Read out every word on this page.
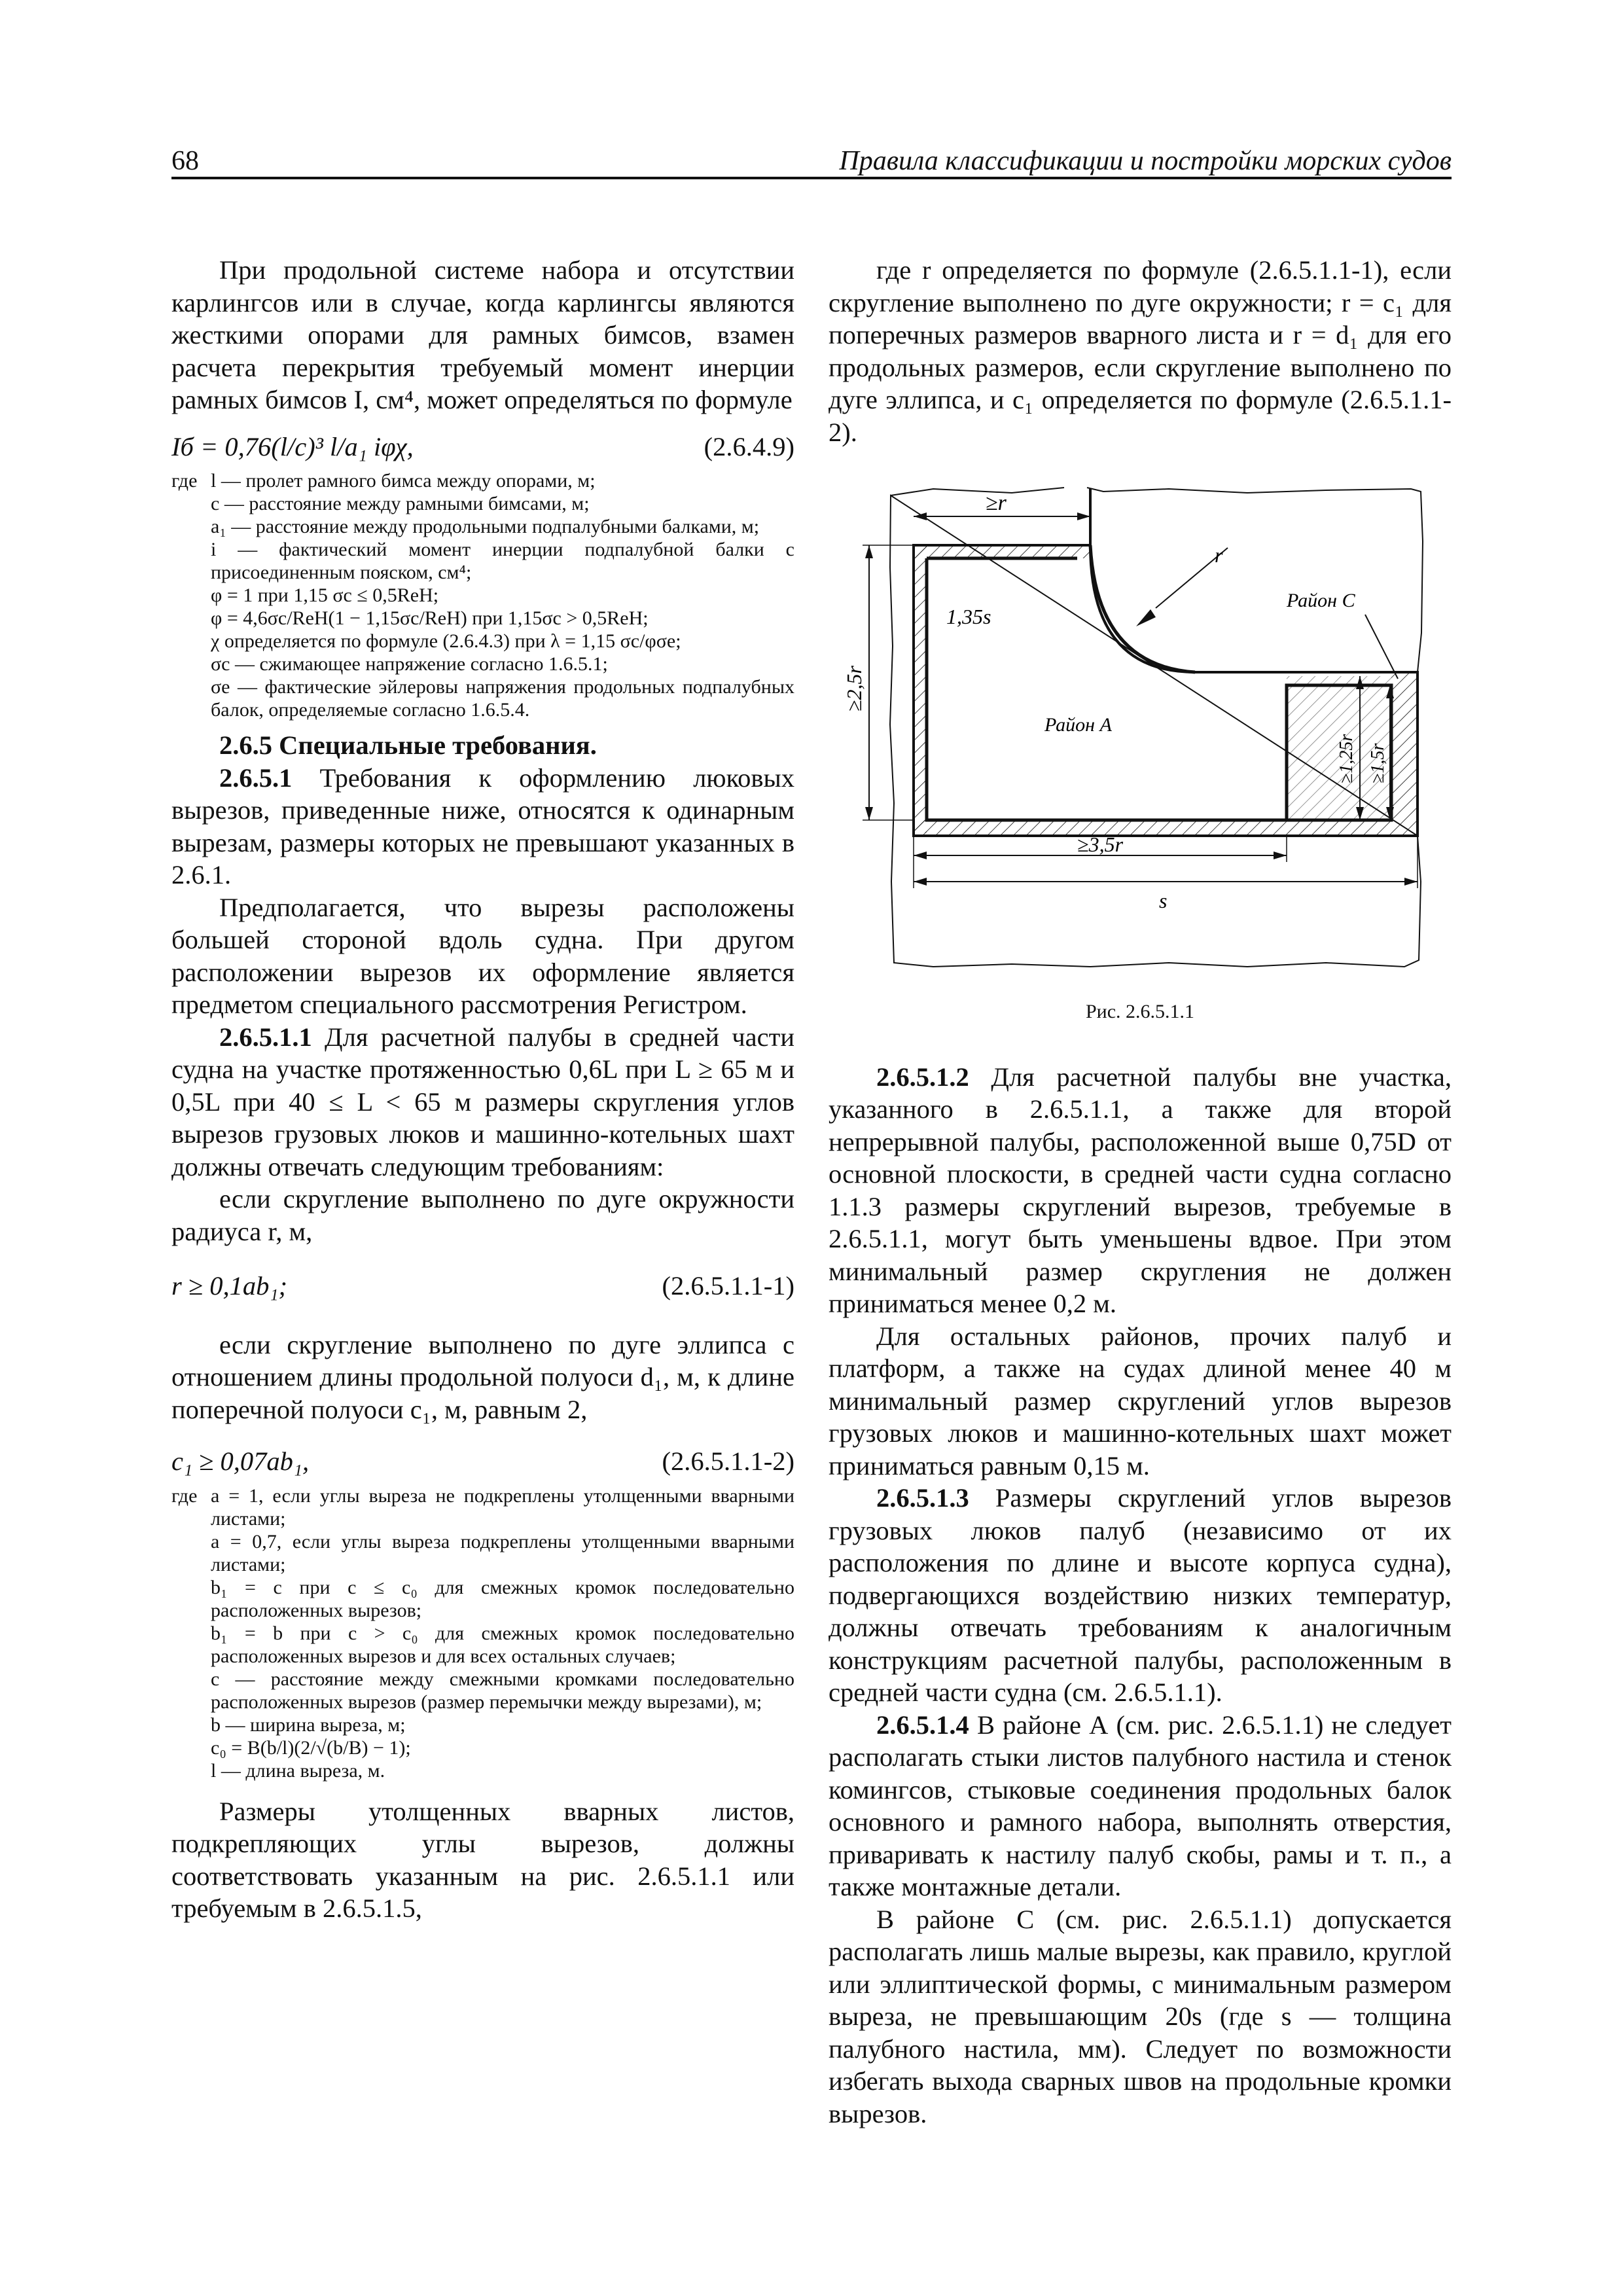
68	Правила классификации и постройки морских судов

При продольной системе набора и отсутствии карлингсов или в случае, когда карлингсы являются жесткими опорами для рамных бимсов, взамен расчета перекрытия требуемый момент инерции рамных бимсов I, см⁴, может определяться по формуле

Iб = 0,76(l/c)³ l/a₁ iφχ,	(2.6.4.9)
где l — пролет рамного бимса между опорами, м;
c — расстояние между рамными бимсами, м;
a₁ — расстояние между продольными подпалубными балками, м;
i — фактический момент инерции подпалубной балки с присоединенным пояском, см⁴;
φ = 1 при 1,15 σc ≤ 0,5ReH;
φ = 4,6σc/ReH(1 − 1,15σc/ReH) при 1,15σc > 0,5ReH;
χ определяется по формуле (2.6.4.3) при λ = 1,15 σc/φσe;
σc — сжимающее напряжение согласно 1.6.5.1;
σe — фактические эйлеровы напряжения продольных подпалубных балок, определяемые согласно 1.6.5.4.

2.6.5 Специальные требования.

2.6.5.1 Требования к оформлению люковых вырезов, приведенные ниже, относятся к одинарным вырезам, размеры которых не превышают указанных в 2.6.1.

Предполагается, что вырезы расположены большей стороной вдоль судна. При другом расположении вырезов их оформление является предметом специального рассмотрения Регистром.

2.6.5.1.1 Для расчетной палубы в средней части судна на участке протяженностью 0,6L при L ≥ 65 м и 0,5L при 40 ≤ L < 65 м размеры скругления углов вырезов грузовых люков и машинно-котельных шахт должны отвечать следующим требованиям:

если скругление выполнено по дуге окружности радиуса r, м,

r ≥ 0,1ab₁;	(2.6.5.1.1-1)

если скругление выполнено по дуге эллипса с отношением длины продольной полуоси d₁, м, к длине поперечной полуоси c₁, м, равным 2,

c₁ ≥ 0,07ab₁,	(2.6.5.1.1-2)
где a = 1, если углы выреза не подкреплены утолщенными вварными листами;
a = 0,7, если углы выреза подкреплены утолщенными вварными листами;
b₁ = c при c ≤ c₀ для смежных кромок последовательно расположенных вырезов;
b₁ = b при c > c₀ для смежных кромок последовательно расположенных вырезов и для всех остальных случаев;
c — расстояние между смежными кромками последовательно расположенных вырезов (размер перемычки между вырезами), м;
b — ширина выреза, м;
c₀ = B(b/l)(2/√(b/B) − 1);
l — длина выреза, м.

Размеры утолщенных вварных листов, подкрепляющих углы вырезов, должны соответствовать указанным на рис. 2.6.5.1.1 или требуемым в 2.6.5.1.5,

где r определяется по формуле (2.6.5.1.1-1), если скругление выполнено по дуге окружности; r = c₁ для поперечных размеров вварного листа и r = d₁ для его продольных размеров, если скругление выполнено по дуге эллипса, и c₁ определяется по формуле (2.6.5.1.1-2).

≥r
r
1,35s
Район C
Район A
≥2,5r
≥1,25r ≥1,5r
≥3,5r
s
Рис. 2.6.5.1.1

2.6.5.1.2 Для расчетной палубы вне участка, указанного в 2.6.5.1.1, а также для второй непрерывной палубы, расположенной выше 0,75D от основной плоскости, в средней части судна согласно 1.1.3 размеры скруглений вырезов, требуемые в 2.6.5.1.1, могут быть уменьшены вдвое. При этом минимальный размер скругления не должен приниматься менее 0,2 м.

Для остальных районов, прочих палуб и платформ, а также на судах длиной менее 40 м минимальный размер скруглений углов вырезов грузовых люков и машинно-котельных шахт может приниматься равным 0,15 м.

2.6.5.1.3 Размеры скруглений углов вырезов грузовых люков палуб (независимо от их расположения по длине и высоте корпуса судна), подвергающихся воздействию низких температур, должны отвечать требованиям к аналогичным конструкциям расчетной палубы, расположенным в средней части судна (см. 2.6.5.1.1).

2.6.5.1.4 В районе А (см. рис. 2.6.5.1.1) не следует располагать стыки листов палубного настила и стенок комингсов, стыковые соединения продольных балок основного и рамного набора, выполнять отверстия, приваривать к настилу палуб скобы, рамы и т. п., а также монтажные детали.

В районе С (см. рис. 2.6.5.1.1) допускается располагать лишь малые вырезы, как правило, круглой или эллиптической формы, с минимальным размером выреза, не превышающим 20s (где s — толщина палубного настила, мм). Следует по возможности избегать выхода сварных швов на продольные кромки вырезов.
